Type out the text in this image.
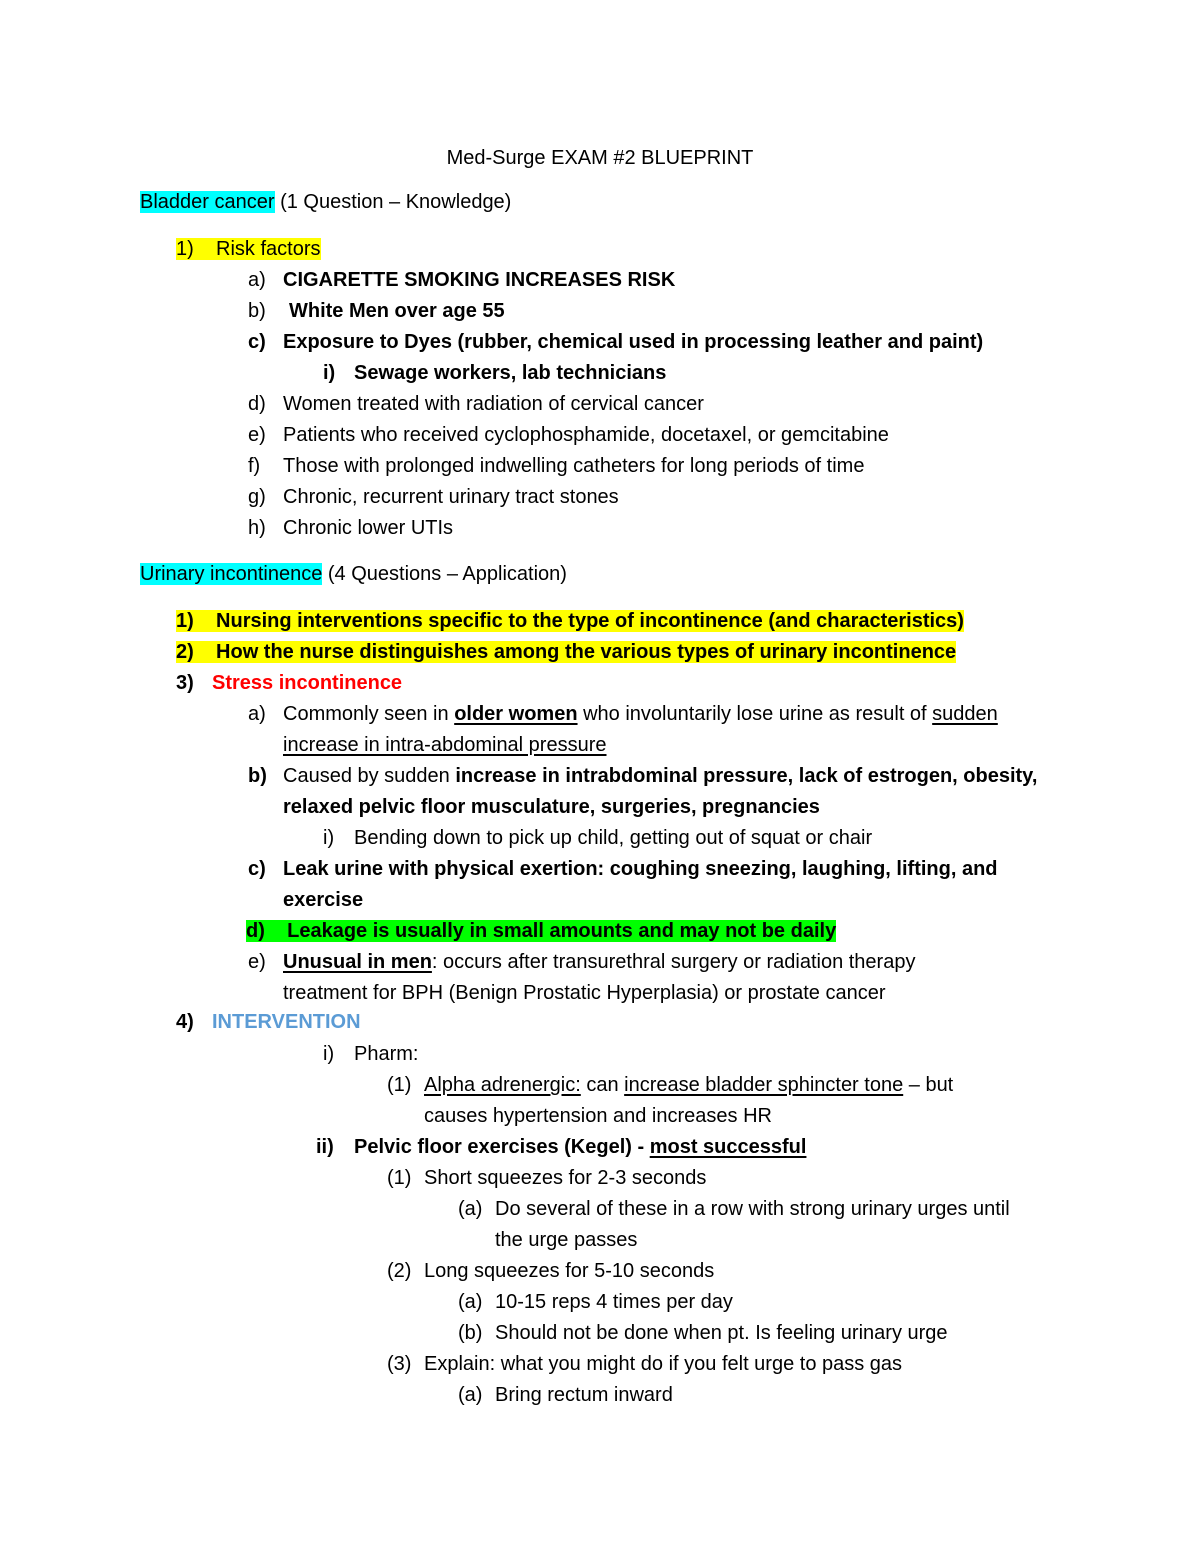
Med-Surge EXAM #2 BLUEPRINT
Bladder cancer (1 Question – Knowledge)
1) Risk factors
a) CIGARETTE SMOKING INCREASES RISK
b) White Men over age 55
c) Exposure to Dyes (rubber, chemical used in processing leather and paint)
i) Sewage workers, lab technicians
d) Women treated with radiation of cervical cancer
e) Patients who received cyclophosphamide, docetaxel, or gemcitabine
f) Those with prolonged indwelling catheters for long periods of time
g) Chronic, recurrent urinary tract stones
h) Chronic lower UTIs
Urinary incontinence (4 Questions – Application)
1) Nursing interventions specific to the type of incontinence (and characteristics)
2) How the nurse distinguishes among the various types of urinary incontinence
3) Stress incontinence
a) Commonly seen in older women who involuntarily lose urine as result of sudden
increase in intra-abdominal pressure
b) Caused by sudden increase in intrabdominal pressure, lack of estrogen, obesity,
relaxed pelvic floor musculature, surgeries, pregnancies
i) Bending down to pick up child, getting out of squat or chair
c) Leak urine with physical exertion: coughing sneezing, laughing, lifting, and
exercise
d) Leakage is usually in small amounts and may not be daily
e) Unusual in men: occurs after transurethral surgery or radiation therapy
treatment for BPH (Benign Prostatic Hyperplasia) or prostate cancer
4) INTERVENTION
i) Pharm:
(1) Alpha adrenergic: can increase bladder sphincter tone – but
causes hypertension and increases HR
ii) Pelvic floor exercises (Kegel) - most successful
(1) Short squeezes for 2-3 seconds
(a) Do several of these in a row with strong urinary urges until
the urge passes
(2) Long squeezes for 5-10 seconds
(a) 10-15 reps 4 times per day
(b) Should not be done when pt. Is feeling urinary urge
(3) Explain: what you might do if you felt urge to pass gas
(a) Bring rectum inward
